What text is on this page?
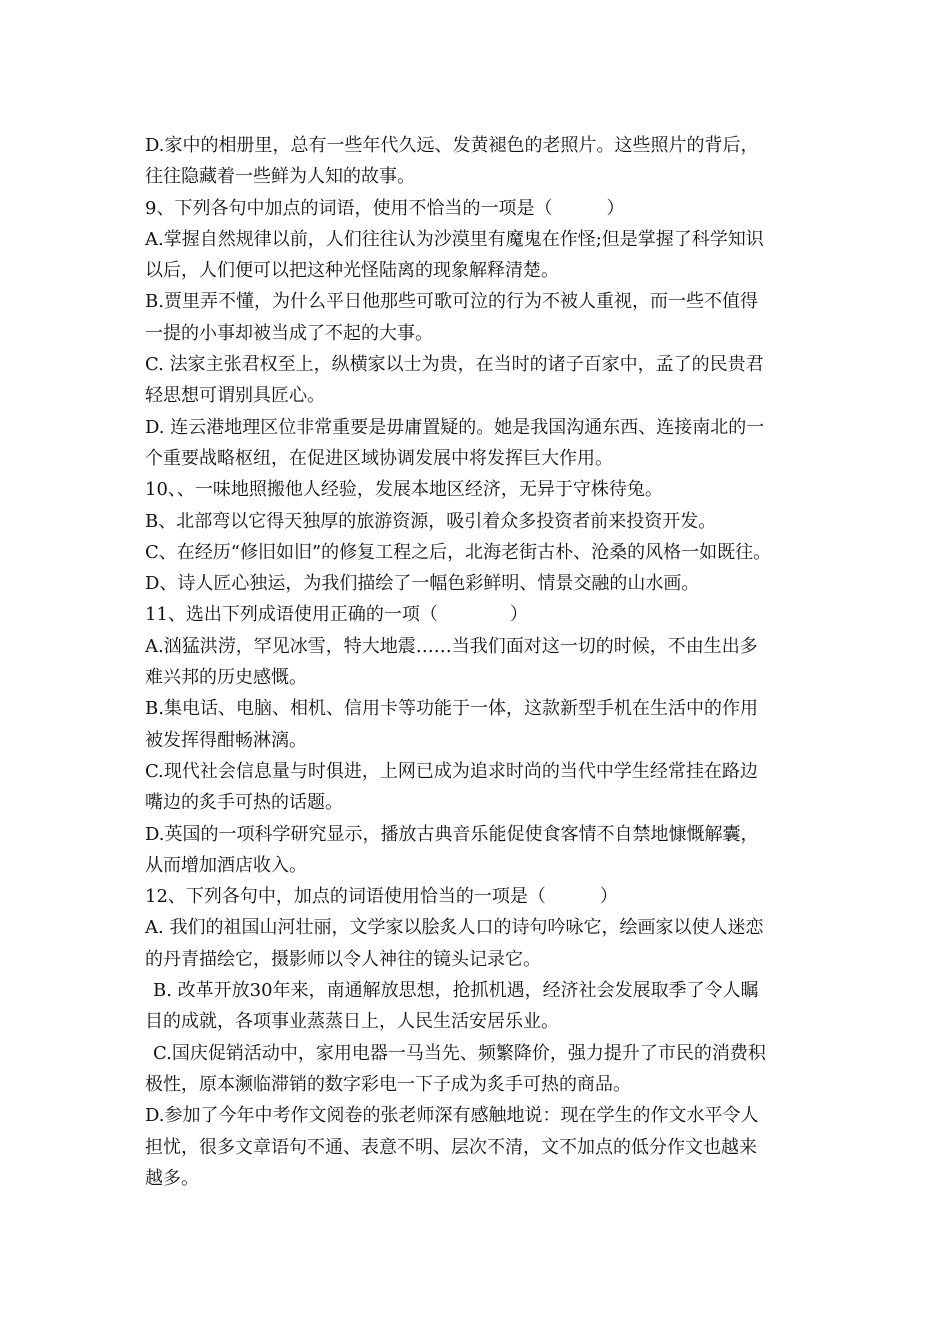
D.家中的相册里，总有一些年代久远、发黄褪色的老照片。这些照片的背后，
往往隐藏着一些鲜为人知的故事。
9、下列各句中加点的词语，使用不恰当的一项是（　　　）
A.掌握自然规律以前，人们往往认为沙漠里有魔鬼在作怪;但是掌握了科学知识
以后，人们便可以把这种光怪陆离的现象解释清楚。
B.贾里弄不懂，为什么平日他那些可歌可泣的行为不被人重视，而一些不值得
一提的小事却被当成了不起的大事。
C. 法家主张君权至上，纵横家以士为贵，在当时的诸子百家中，孟了的民贵君
轻思想可谓别具匠心。
D. 连云港地理区位非常重要是毋庸置疑的。她是我国沟通东西、连接南北的一
个重要战略枢纽，在促进区域协调发展中将发挥巨大作用。
10、、一味地照搬他人经验，发展本地区经济，无异于守株待兔。
B、北部弯以它得天独厚的旅游资源，吸引着众多投资者前来投资开发。
C、在经历“修旧如旧”的修复工程之后，北海老街古朴、沧桑的风格一如既往。
D、诗人匠心独运，为我们描绘了一幅色彩鲜明、情景交融的山水画。
11、选出下列成语使用正确的一项（　　　　）
A.汹猛洪涝，罕见冰雪，特大地震……当我们面对这一切的时候，不由生出多
难兴邦的历史感慨。
B.集电话、电脑、相机、信用卡等功能于一体，这款新型手机在生活中的作用
被发挥得酣畅淋漓。
C.现代社会信息量与时俱进，上网已成为追求时尚的当代中学生经常挂在路边
嘴边的炙手可热的话题。
D.英国的一项科学研究显示，播放古典音乐能促使食客情不自禁地慷慨解囊，
从而增加酒店收入。
12、下列各句中，加点的词语使用恰当的一项是（　　　）
A. 我们的祖国山河壮丽，文学家以脍炙人口的诗句吟咏它，绘画家以使人迷恋
的丹青描绘它，摄影师以令人神往的镜头记录它。
B. 改革开放30年来，南通解放思想，抢抓机遇，经济社会发展取季了令人瞩
目的成就，各项事业蒸蒸日上，人民生活安居乐业。
C.国庆促销活动中，家用电器一马当先、频繁降价，强力提升了市民的消费积
极性，原本濒临滞销的数字彩电一下子成为炙手可热的商品。
D.参加了今年中考作文阅卷的张老师深有感触地说：现在学生的作文水平令人
担忧，很多文章语句不通、表意不明、层次不清，文不加点的低分作文也越来
越多。
